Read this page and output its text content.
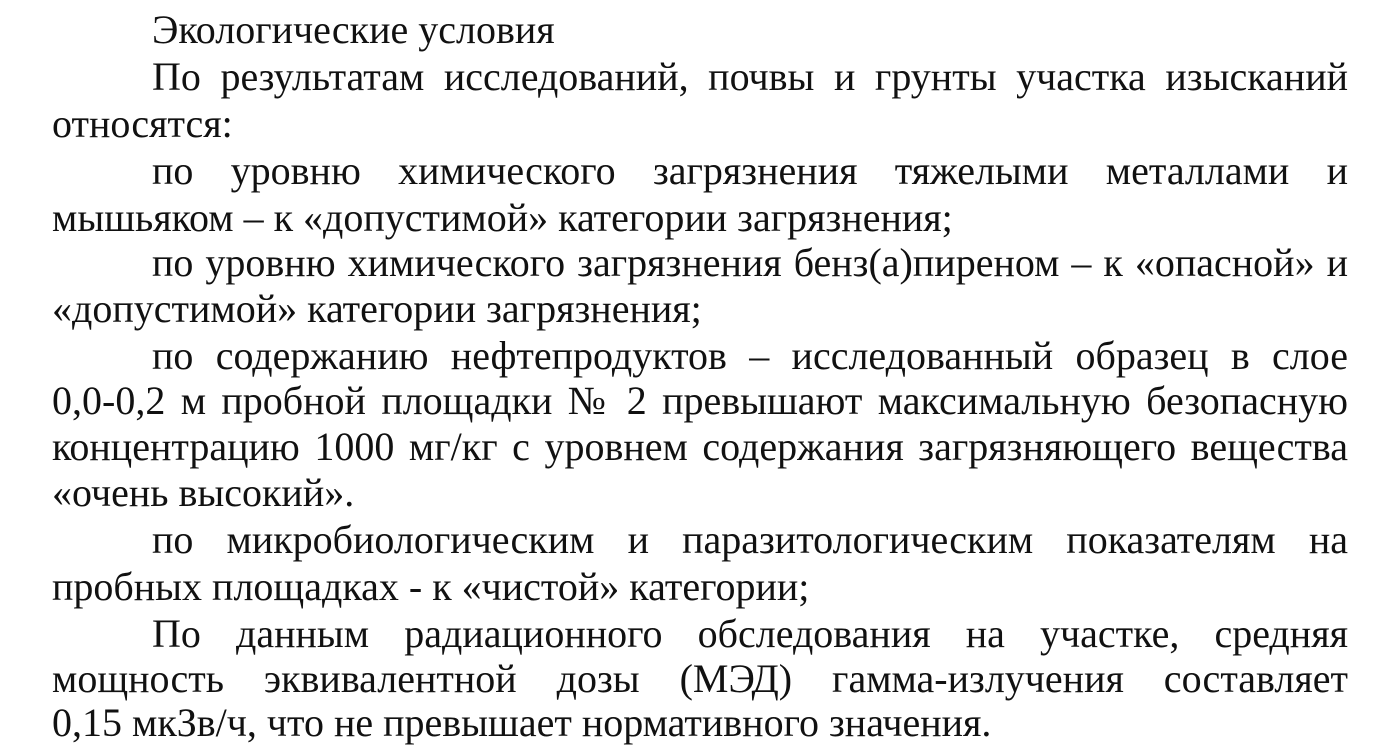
Экологические условия

По результатам исследований, почвы и грунты участка изысканий

относятся:

по уровню химического загрязнения тяжелыми металлами и

мышьяком – к «допустимой» категории загрязнения;

по уровню химического загрязнения бенз(а)пиреном – к «опасной» и

«допустимой» категории загрязнения;

по содержанию нефтепродуктов – исследованный образец в слое

0,0-0,2 м пробной площадки № 2 превышают максимальную безопасную

концентрацию 1000 мг/кг с уровнем содержания загрязняющего вещества

«очень высокий».

по микробиологическим и паразитологическим показателям на

пробных площадках - к «чистой» категории;

По данным радиационного обследования на участке, средняя

мощность эквивалентной дозы (МЭД) гамма-излучения составляет

0,15 мкЗв/ч, что не превышает нормативного значения.
